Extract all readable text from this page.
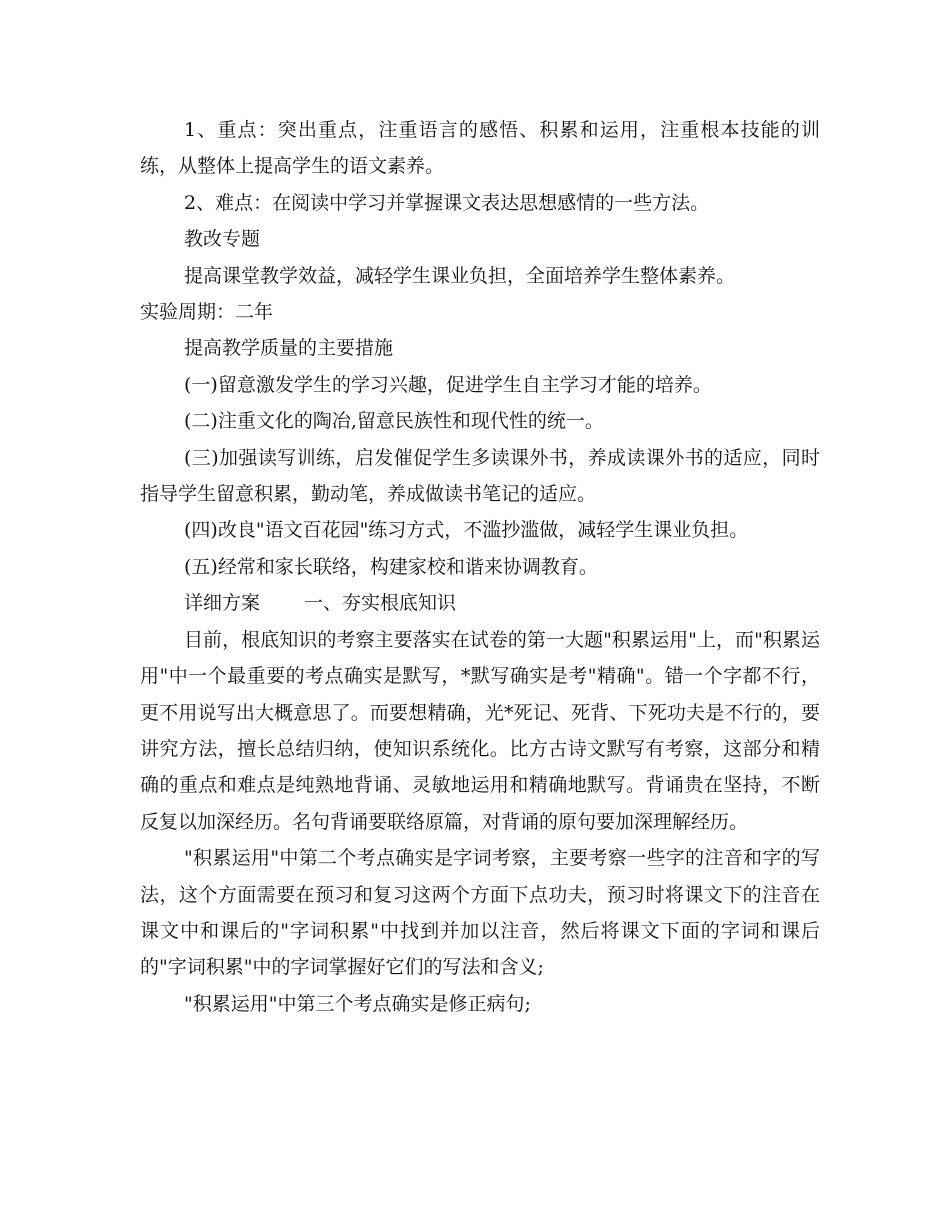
1、重点：突出重点，注重语言的感悟、积累和运用，注重根本技能的训练，从整体上提高学生的语文素养。

2、难点：在阅读中学习并掌握课文表达思想感情的一些方法。

教改专题

提高课堂教学效益，减轻学生课业负担，全面培养学生整体素养。

实验周期：二年

提高教学质量的主要措施

(一)留意激发学生的学习兴趣，促进学生自主学习才能的培养。

(二)注重文化的陶冶,留意民族性和现代性的统一。

(三)加强读写训练，启发催促学生多读课外书，养成读课外书的适应，同时指导学生留意积累，勤动笔，养成做读书笔记的适应。

(四)改良"语文百花园"练习方式，不滥抄滥做，减轻学生课业负担。

(五)经常和家长联络，构建家校和谐来协调教育。

详细方案 一、夯实根底知识

目前，根底知识的考察主要落实在试卷的第一大题"积累运用"上，而"积累运用"中一个最重要的考点确实是默写，*默写确实是考"精确"。错一个字都不行，更不用说写出大概意思了。而要想精确，光*死记、死背、下死功夫是不行的，要讲究方法，擅长总结归纳，使知识系统化。比方古诗文默写有考察，这部分和精确的重点和难点是纯熟地背诵、灵敏地运用和精确地默写。背诵贵在坚持，不断反复以加深经历。名句背诵要联络原篇，对背诵的原句要加深理解经历。

"积累运用"中第二个考点确实是字词考察，主要考察一些字的注音和字的写法，这个方面需要在预习和复习这两个方面下点功夫，预习时将课文下的注音在课文中和课后的"字词积累"中找到并加以注音，然后将课文下面的字词和课后的"字词积累"中的字词掌握好它们的写法和含义;

"积累运用"中第三个考点确实是修正病句;
